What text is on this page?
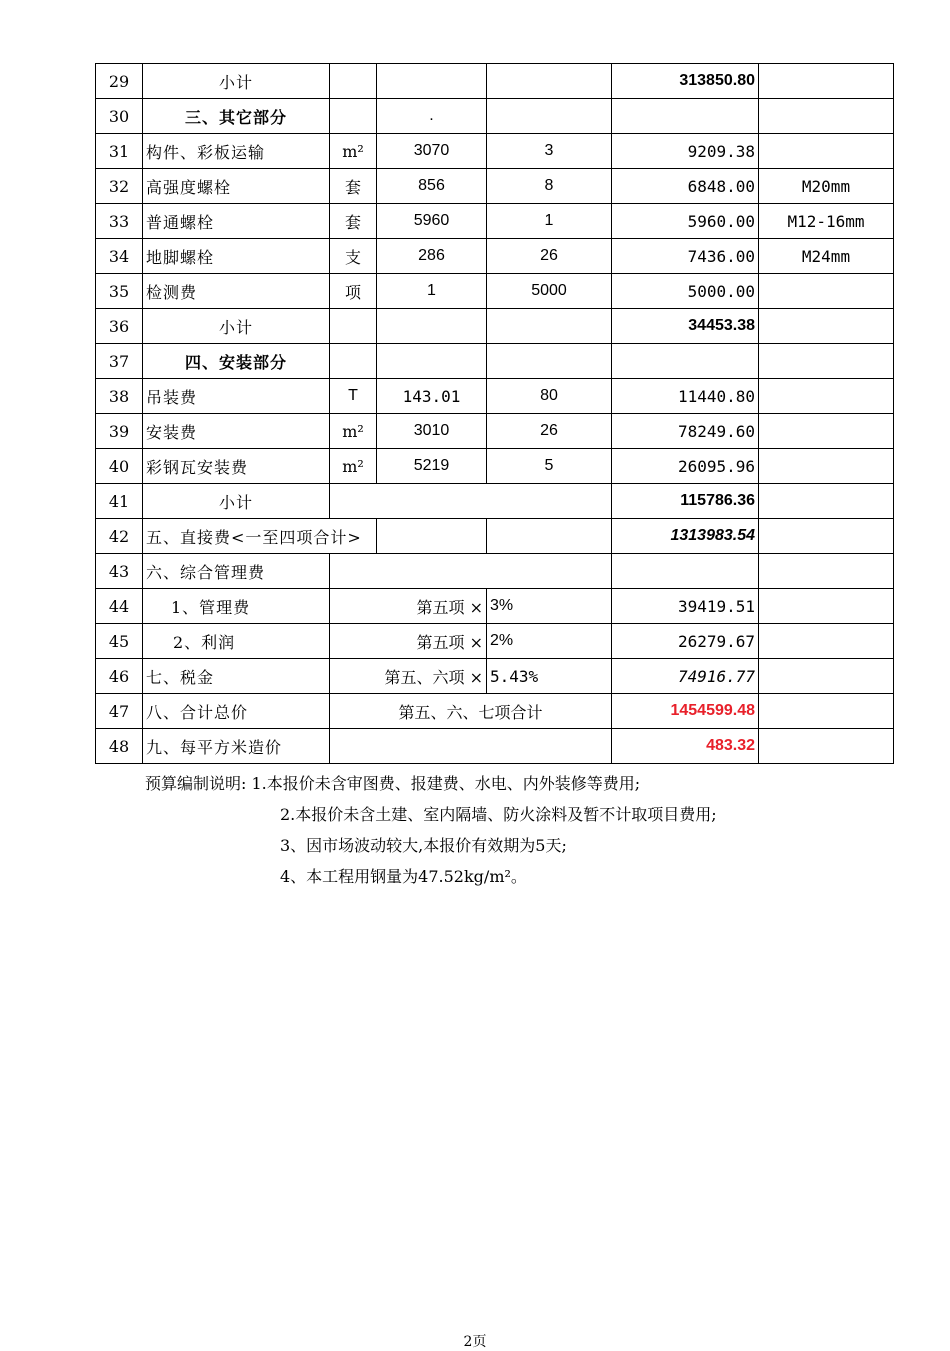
29	小计				313850.80	
30	三、其它部分		.			
31	构件、彩板运输	m²	3070	3	9209.38	
32	高强度螺栓	套	856	8	6848.00	M20mm
33	普通螺栓	套	5960	1	5960.00	M12-16mm
34	地脚螺栓	支	286	26	7436.00	M24mm
35	检测费	项	1	5000	5000.00	
36	小计				34453.38	
37	四、安装部分					
38	吊装费	T	143.01	80	11440.80	
39	安装费	m²	3010	26	78249.60	
40	彩钢瓦安装费	m²	5219	5	26095.96	
41	小计				115786.36	
42	五、直接费<一至四项合计>				1313983.54	
43	六、综合管理费					
44	1、管理费	第五项 ×		3%	39419.51	
45	2、利润	第五项 ×		2%	26279.67	
46	七、税金	第五、六项 ×		5.43%	74916.77	
47	八、合计总价	第五、六、七项合计			1454599.48	
48	九、每平方米造价				483.32	
预算编制说明: 1.本报价未含审图费、报建费、水电、内外装修等费用;
2.本报价未含土建、室内隔墙、防火涂料及暂不计取项目费用;
3、因市场波动较大,本报价有效期为5天;
4、本工程用钢量为47.52kg/m²。
2页
